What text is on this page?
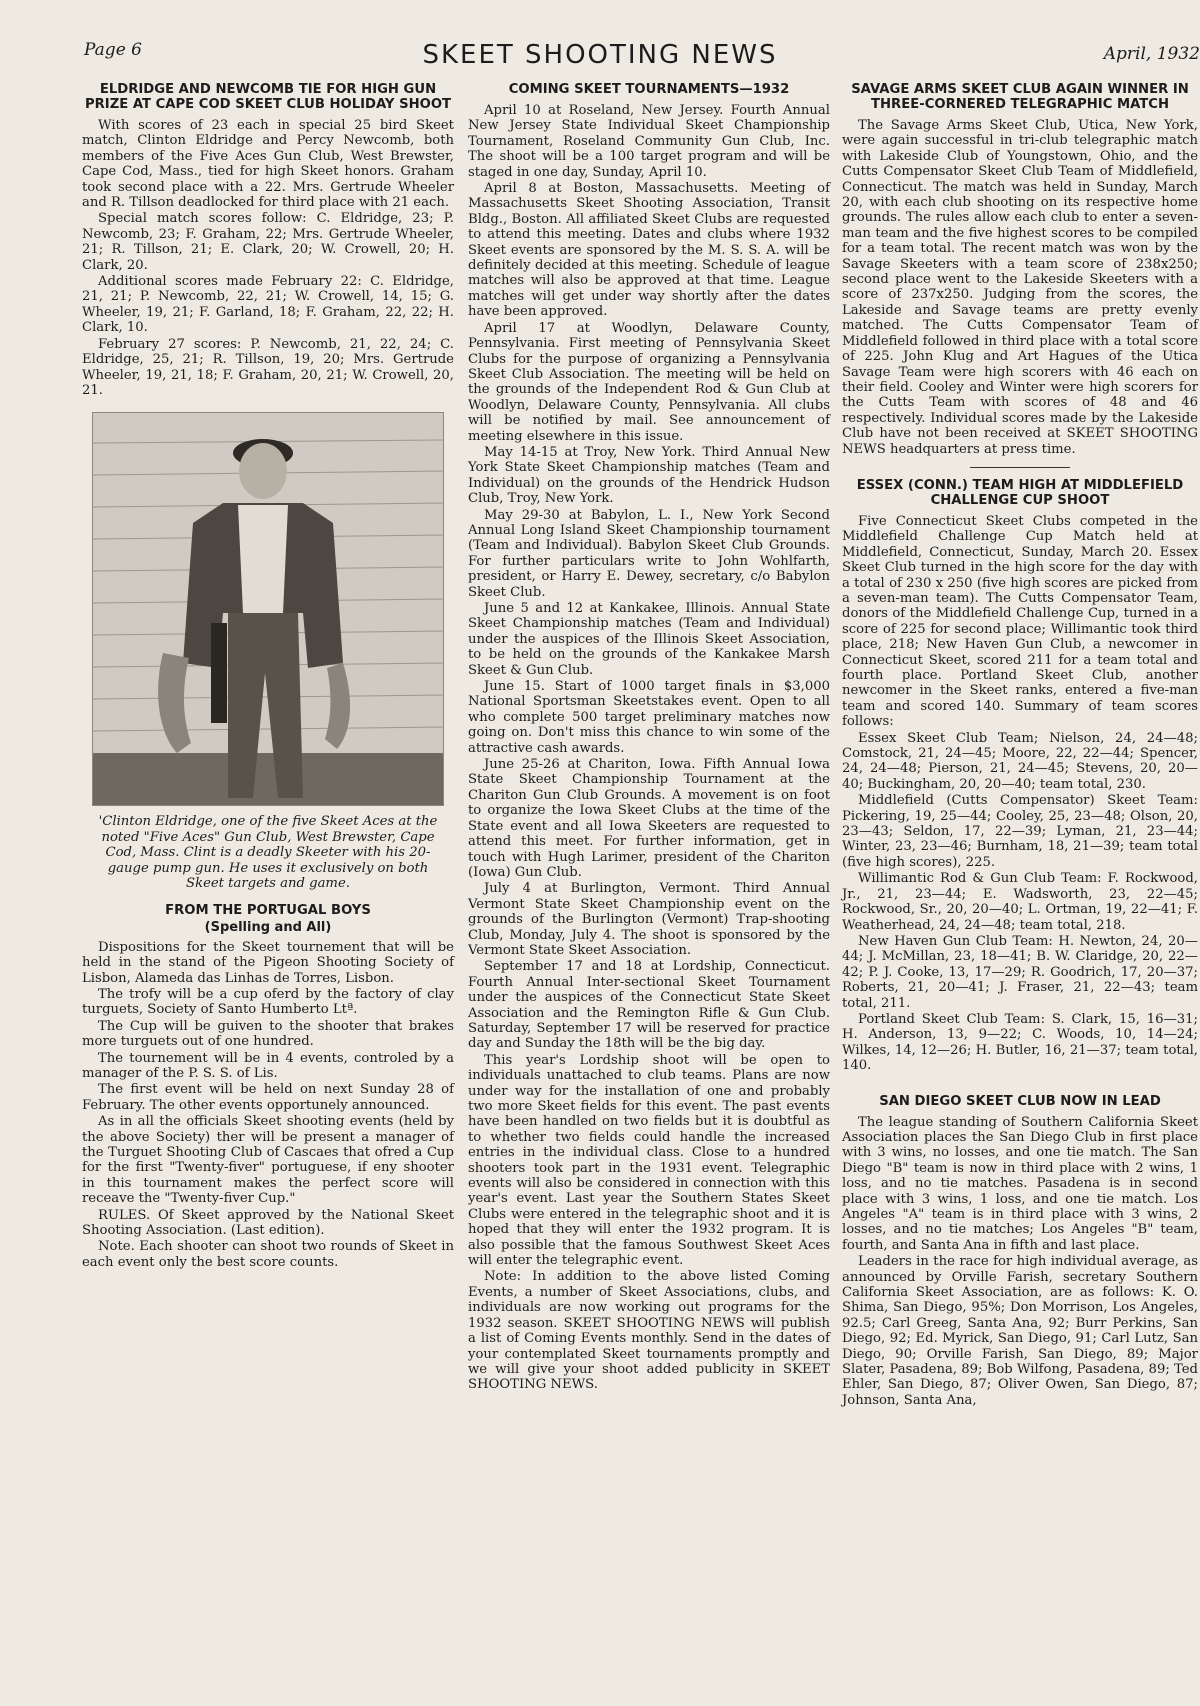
Page 6	SKEET SHOOTING NEWS	April, 1932
ELDRIDGE AND NEWCOMB TIE FOR HIGH GUN PRIZE AT CAPE COD SKEET CLUB HOLIDAY SHOOT

With scores of 23 each in special 25 bird Skeet match, Clinton Eldridge and Percy Newcomb, both members of the Five Aces Gun Club, West Brewster, Cape Cod, Mass., tied for high Skeet honors. Graham took second place with a 22. Mrs. Gertrude Wheeler and R. Tillson deadlocked for third place with 21 each.

Special match scores follow: C. Eldridge, 23; P. Newcomb, 23; F. Graham, 22; Mrs. Gertrude Wheeler, 21; R. Tillson, 21; E. Clark, 20; W. Crowell, 20; H. Clark, 20.

Additional scores made February 22: C. Eldridge, 21, 21; P. Newcomb, 22, 21; W. Crowell, 14, 15; G. Wheeler, 19, 21; F. Garland, 18; F. Graham, 22, 22; H. Clark, 10.

February 27 scores: P. Newcomb, 21, 22, 24; C. Eldridge, 25, 21; R. Tillson, 19, 20; Mrs. Gertrude Wheeler, 19, 21, 18; F. Graham, 20, 21; W. Crowell, 20, 21.

'Clinton Eldridge, one of the five Skeet Aces at the noted "Five Aces" Gun Club, West Brewster, Cape Cod, Mass. Clint is a deadly Skeeter with his 20-gauge pump gun. He uses it exclusively on both Skeet targets and game.
FROM THE PORTUGAL BOYS
(Spelling and All)

Dispositions for the Skeet tournement that will be held in the stand of the Pigeon Shooting Society of Lisbon, Alameda das Linhas de Torres, Lisbon.

The trofy will be a cup oferd by the factory of clay turguets, Society of Santo Humberto Ltª.

The Cup will be guiven to the shooter that brakes more turguets out of one hundred.

The tournement will be in 4 events, controled by a manager of the P. S. S. of Lis.

The first event will be held on next Sunday 28 of February. The other events opportunely announced.

As in all the officials Skeet shooting events (held by the above Society) ther will be present a manager of the Turguet Shooting Club of Cascaes that ofred a Cup for the first "Twenty-fiver" portuguese, if eny shooter in this tournament makes the perfect score will receave the "Twenty-fiver Cup."

RULES. Of Skeet approved by the National Skeet Shooting Association. (Last edition).

Note. Each shooter can shoot two rounds of Skeet in each event only the best score counts.

COMING SKEET TOURNAMENTS—1932

April 10 at Roseland, New Jersey. Fourth Annual New Jersey State Individual Skeet Championship Tournament, Roseland Community Gun Club, Inc. The shoot will be a 100 target program and will be staged in one day, Sunday, April 10.

April 8 at Boston, Massachusetts. Meeting of Massachusetts Skeet Shooting Association, Transit Bldg., Boston. All affiliated Skeet Clubs are requested to attend this meeting. Dates and clubs where 1932 Skeet events are sponsored by the M. S. S. A. will be definitely decided at this meeting. Schedule of league matches will also be approved at that time. League matches will get under way shortly after the dates have been approved.

April 17 at Woodlyn, Delaware County, Pennsylvania. First meeting of Pennsylvania Skeet Clubs for the purpose of organizing a Pennsylvania Skeet Club Association. The meeting will be held on the grounds of the Independent Rod & Gun Club at Woodlyn, Delaware County, Pennsylvania. All clubs will be notified by mail. See announcement of meeting elsewhere in this issue.

May 14-15 at Troy, New York. Third Annual New York State Skeet Championship matches (Team and Individual) on the grounds of the Hendrick Hudson Club, Troy, New York.

May 29-30 at Babylon, L. I., New York Second Annual Long Island Skeet Championship tournament (Team and Individual). Babylon Skeet Club Grounds. For further particulars write to John Wohlfarth, president, or Harry E. Dewey, secretary, c/o Babylon Skeet Club.

June 5 and 12 at Kankakee, Illinois. Annual State Skeet Championship matches (Team and Individual) under the auspices of the Illinois Skeet Association, to be held on the grounds of the Kankakee Marsh Skeet & Gun Club.

June 15. Start of 1000 target finals in $3,000 National Sportsman Skeetstakes event. Open to all who complete 500 target preliminary matches now going on. Don't miss this chance to win some of the attractive cash awards.

June 25-26 at Chariton, Iowa. Fifth Annual Iowa State Skeet Championship Tournament at the Chariton Gun Club Grounds. A movement is on foot to organize the Iowa Skeet Clubs at the time of the State event and all Iowa Skeeters are requested to attend this meet. For further information, get in touch with Hugh Larimer, president of the Chariton (Iowa) Gun Club.

July 4 at Burlington, Vermont. Third Annual Vermont State Skeet Championship event on the grounds of the Burlington (Vermont) Trap-shooting Club, Monday, July 4. The shoot is sponsored by the Vermont State Skeet Association.

September 17 and 18 at Lordship, Connecticut. Fourth Annual Inter-sectional Skeet Tournament under the auspices of the Connecticut State Skeet Association and the Remington Rifle & Gun Club. Saturday, September 17 will be reserved for practice day and Sunday the 18th will be the big day.

This year's Lordship shoot will be open to individuals unattached to club teams. Plans are now under way for the installation of one and probably two more Skeet fields for this event. The past events have been handled on two fields but it is doubtful as to whether two fields could handle the increased entries in the individual class. Close to a hundred shooters took part in the 1931 event. Telegraphic events will also be considered in connection with this year's event. Last year the Southern States Skeet Clubs were entered in the telegraphic shoot and it is hoped that they will enter the 1932 program. It is also possible that the famous Southwest Skeet Aces will enter the telegraphic event.

Note: In addition to the above listed Coming Events, a number of Skeet Associations, clubs, and individuals are now working out programs for the 1932 season. SKEET SHOOTING NEWS will publish a list of Coming Events monthly. Send in the dates of your contemplated Skeet tournaments promptly and we will give your shoot added publicity in SKEET SHOOTING NEWS.

SAVAGE ARMS SKEET CLUB AGAIN WINNER IN THREE-CORNERED TELEGRAPHIC MATCH

The Savage Arms Skeet Club, Utica, New York, were again successful in tri-club telegraphic match with Lakeside Club of Youngstown, Ohio, and the Cutts Compensator Skeet Club Team of Middlefield, Connecticut. The match was held in Sunday, March 20, with each club shooting on its respective home grounds. The rules allow each club to enter a seven-man team and the five highest scores to be compiled for a team total. The recent match was won by the Savage Skeeters with a team score of 238x250; second place went to the Lakeside Skeeters with a score of 237x250. Judging from the scores, the Lakeside and Savage teams are pretty evenly matched. The Cutts Compensator Team of Middlefield followed in third place with a total score of 225. John Klug and Art Hagues of the Utica Savage Team were high scorers with 46 each on their field. Cooley and Winter were high scorers for the Cutts Team with scores of 48 and 46 respectively. Individual scores made by the Lakeside Club have not been received at SKEET SHOOTING NEWS headquarters at press time.

ESSEX (CONN.) TEAM HIGH AT MIDDLEFIELD CHALLENGE CUP SHOOT

Five Connecticut Skeet Clubs competed in the Middlefield Challenge Cup Match held at Middlefield, Connecticut, Sunday, March 20. Essex Skeet Club turned in the high score for the day with a total of 230 x 250 (five high scores are picked from a seven-man team). The Cutts Compensator Team, donors of the Middlefield Challenge Cup, turned in a score of 225 for second place; Willimantic took third place, 218; New Haven Gun Club, a newcomer in Connecticut Skeet, scored 211 for a team total and fourth place. Portland Skeet Club, another newcomer in the Skeet ranks, entered a five-man team and scored 140. Summary of team scores follows:

Essex Skeet Club Team; Nielson, 24, 24—48; Comstock, 21, 24—45; Moore, 22, 22—44; Spencer, 24, 24—48; Pierson, 21, 24—45; Stevens, 20, 20—40; Buckingham, 20, 20—40; team total, 230.

Middlefield (Cutts Compensator) Skeet Team: Pickering, 19, 25—44; Cooley, 25, 23—48; Olson, 20, 23—43; Seldon, 17, 22—39; Lyman, 21, 23—44; Winter, 23, 23—46; Burnham, 18, 21—39; team total (five high scores), 225.

Willimantic Rod & Gun Club Team: F. Rockwood, Jr., 21, 23—44; E. Wadsworth, 23, 22—45; Rockwood, Sr., 20, 20—40; L. Ortman, 19, 22—41; F. Weatherhead, 24, 24—48; team total, 218.

New Haven Gun Club Team: H. Newton, 24, 20—44; J. McMillan, 23, 18—41; B. W. Claridge, 20, 22—42; P. J. Cooke, 13, 17—29; R. Goodrich, 17, 20—37; Roberts, 21, 20—41; J. Fraser, 21, 22—43; team total, 211.

Portland Skeet Club Team: S. Clark, 15, 16—31; H. Anderson, 13, 9—22; C. Woods, 10, 14—24; Wilkes, 14, 12—26; H. Butler, 16, 21—37; team total, 140.

SAN DIEGO SKEET CLUB NOW IN LEAD

The league standing of Southern California Skeet Association places the San Diego Club in first place with 3 wins, no losses, and one tie match. The San Diego "B" team is now in third place with 2 wins, 1 loss, and no tie matches. Pasadena is in second place with 3 wins, 1 loss, and one tie match. Los Angeles "A" team is in third place with 3 wins, 2 losses, and no tie matches; Los Angeles "B" team, fourth, and Santa Ana in fifth and last place.

Leaders in the race for high individual average, as announced by Orville Farish, secretary Southern California Skeet Association, are as follows: K. O. Shima, San Diego, 95%; Don Morrison, Los Angeles, 92.5; Carl Greeg, Santa Ana, 92; Burr Perkins, San Diego, 92; Ed. Myrick, San Diego, 91; Carl Lutz, San Diego, 90; Orville Farish, San Diego, 89; Major Slater, Pasadena, 89; Bob Wilfong, Pasadena, 89; Ted Ehler, San Diego, 87; Oliver Owen, San Diego, 87; Johnson, Santa Ana,
